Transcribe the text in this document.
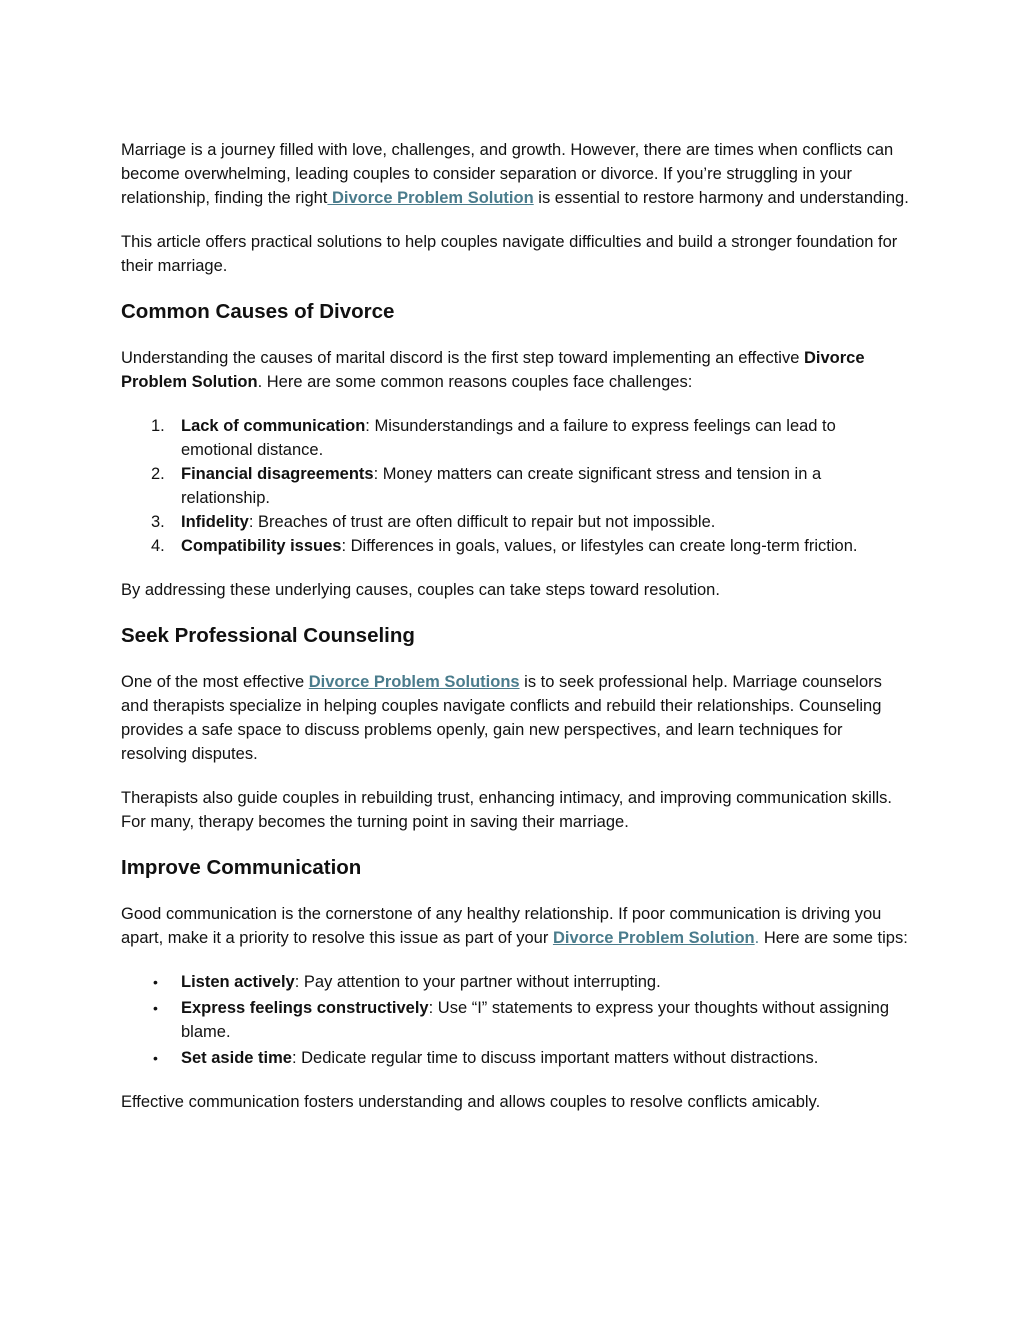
Marriage is a journey filled with love, challenges, and growth. However, there are times when conflicts can become overwhelming, leading couples to consider separation or divorce. If you’re struggling in your relationship, finding the right Divorce Problem Solution is essential to restore harmony and understanding.

This article offers practical solutions to help couples navigate difficulties and build a stronger foundation for their marriage.

Common Causes of Divorce

Understanding the causes of marital discord is the first step toward implementing an effective Divorce Problem Solution. Here are some common reasons couples face challenges:

1. Lack of communication: Misunderstandings and a failure to express feelings can lead to emotional distance.
2. Financial disagreements: Money matters can create significant stress and tension in a relationship.
3. Infidelity: Breaches of trust are often difficult to repair but not impossible.
4. Compatibility issues: Differences in goals, values, or lifestyles can create long-term friction.

By addressing these underlying causes, couples can take steps toward resolution.

Seek Professional Counseling

One of the most effective Divorce Problem Solutions is to seek professional help. Marriage counselors and therapists specialize in helping couples navigate conflicts and rebuild their relationships. Counseling provides a safe space to discuss problems openly, gain new perspectives, and learn techniques for resolving disputes.

Therapists also guide couples in rebuilding trust, enhancing intimacy, and improving communication skills. For many, therapy becomes the turning point in saving their marriage.

Improve Communication

Good communication is the cornerstone of any healthy relationship. If poor communication is driving you apart, make it a priority to resolve this issue as part of your Divorce Problem Solution. Here are some tips:

• Listen actively: Pay attention to your partner without interrupting.
• Express feelings constructively: Use “I” statements to express your thoughts without assigning blame.
• Set aside time: Dedicate regular time to discuss important matters without distractions.

Effective communication fosters understanding and allows couples to resolve conflicts amicably.
